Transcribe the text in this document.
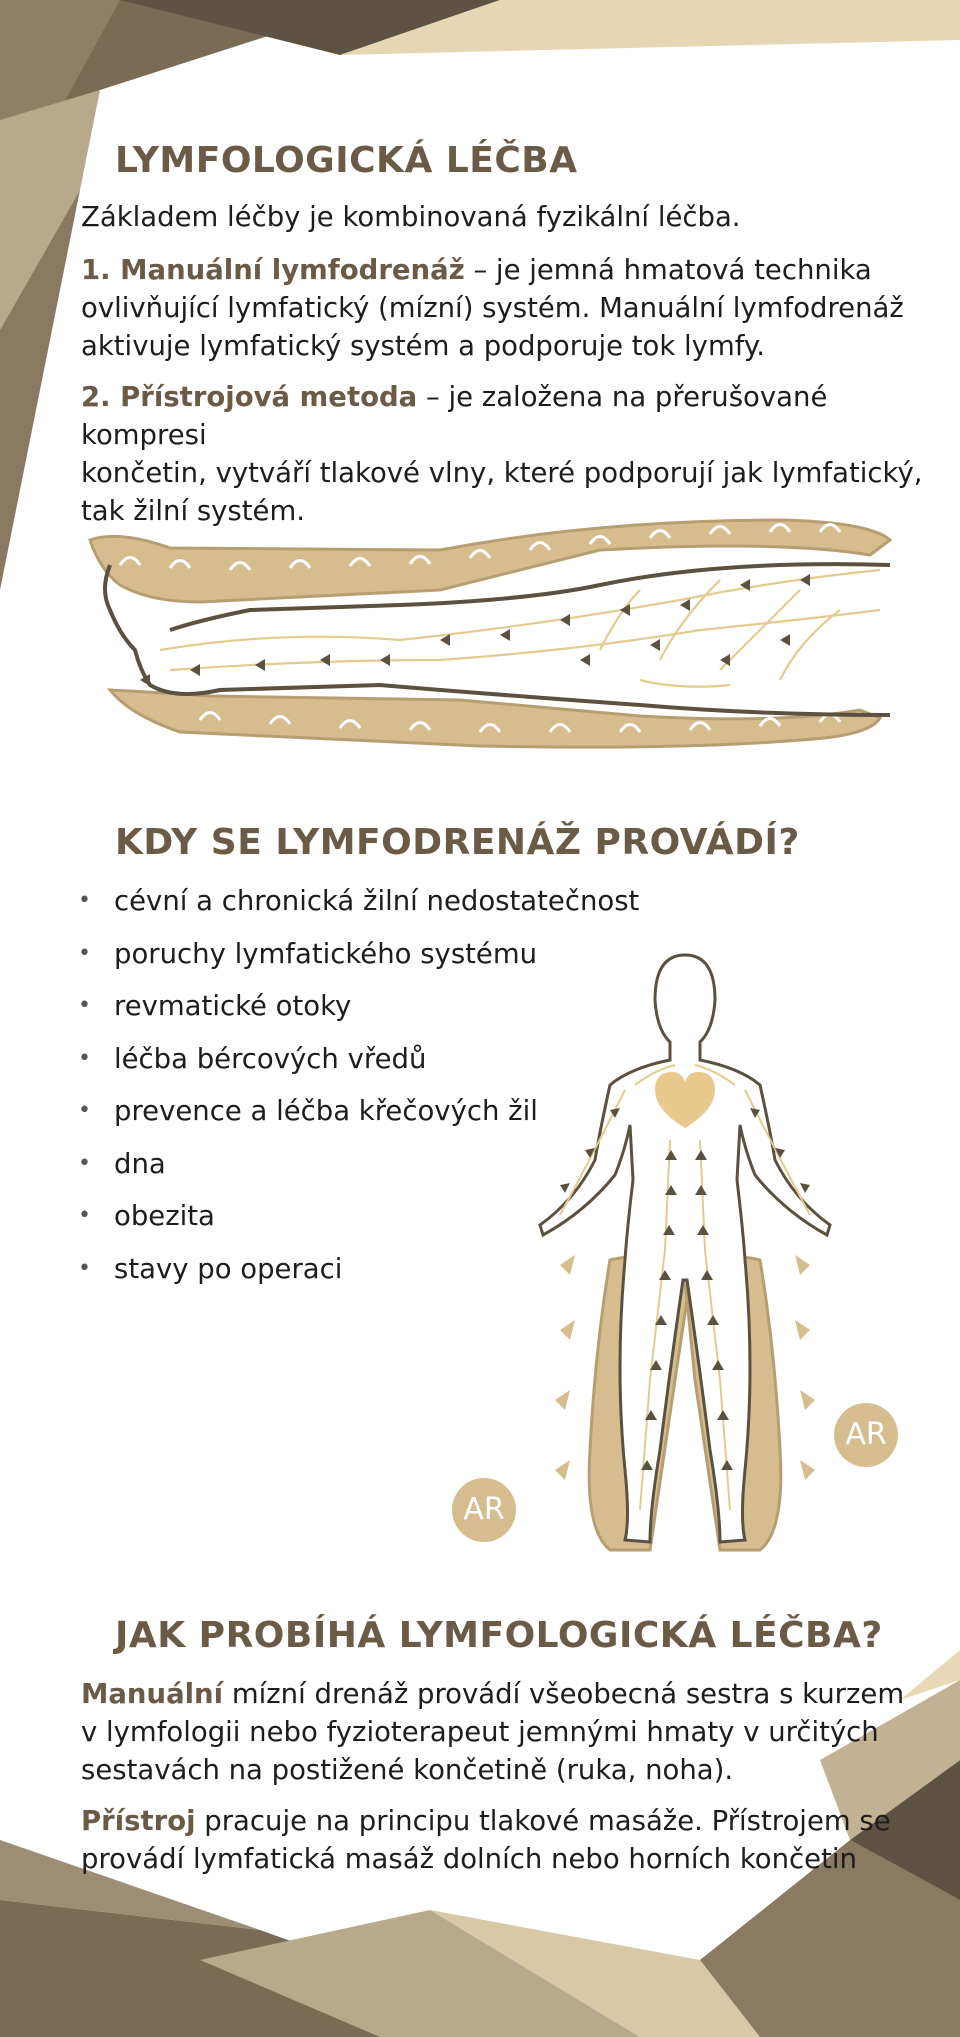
LYMFOLOGICKÁ LÉČBA

Základem léčby je kombinovaná fyzikální léčba.

1. Manuální lymfodrenáž – je jemná hmatová technika
ovlivňující lymfatický (mízní) systém. Manuální lymfodrenáž
aktivuje lymfatický systém a podporuje tok lymfy.

2. Přístrojová metoda – je založena na přerušované kompresi
končetin, vytváří tlakové vlny, které podporují jak lymfatický,
tak žilní systém.

KDY SE LYMFODRENÁŽ PROVÁDÍ?
• cévní a chronická žilní nedostatečnost
• poruchy lymfatického systému
• revmatické otoky
• léčba bércových vředů
• prevence a léčba křečových žil
• dna
• obezita
• stavy po operaci
AR
AR
JAK PROBÍHÁ LYMFOLOGICKÁ LÉČBA?

Manuální mízní drenáž provádí všeobecná sestra s kurzem
v lymfologii nebo fyzioterapeut jemnými hmaty v určitých
sestavách na postižené končetině (ruka, noha).

Přístroj pracuje na principu tlakové masáže. Přístrojem se
provádí lymfatická masáž dolních nebo horních končetin
